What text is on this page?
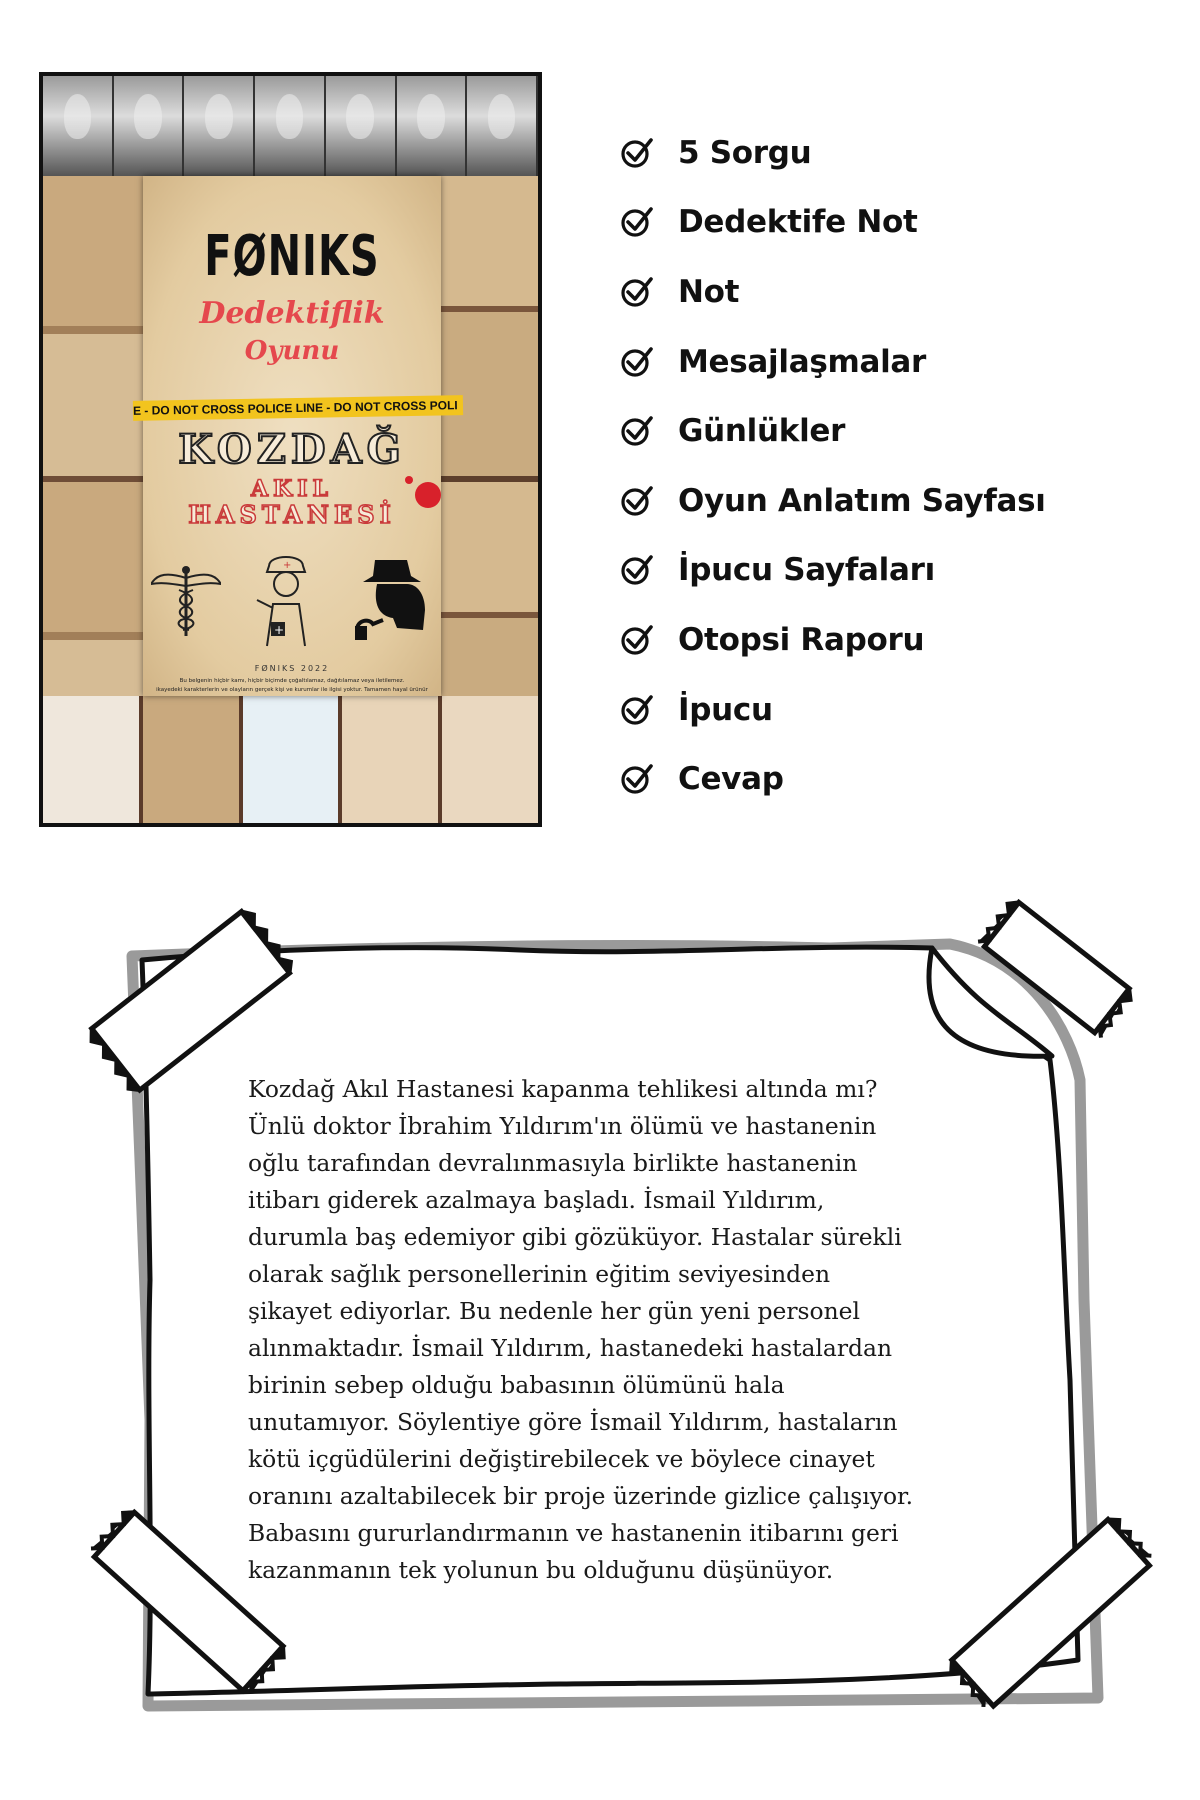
FØNIKS
Dedektiflik
Oyunu
E - DO NOT CROSS POLICE LINE - DO NOT CROSS POLI
KOZDAĞ
AKIL
HASTANESİ
+
+
FØNIKS 2022
Bu belgenin hiçbir kamı, hiçbir biçimde çoğaltılamaz, dağıtılamaz veya iletilemez.
ikayedeki karakterlerin ve olayların gerçek kişi ve kurumlar ile ilgisi yoktur. Tamamen hayal ürünür
5 Sorgu
Dedektife Not
Not
Mesajlaşmalar
Günlükler
Oyun Anlatım Sayfası
İpucu Sayfaları
Otopsi Raporu
İpucu
Cevap

Kozdağ Akıl Hastanesi kapanma tehlikesi altında mı?
Ünlü doktor İbrahim Yıldırım'ın ölümü ve hastanenin
oğlu tarafından devralınmasıyla birlikte hastanenin
itibarı giderek azalmaya başladı. İsmail Yıldırım,
durumla baş edemiyor gibi gözüküyor. Hastalar sürekli
olarak sağlık personellerinin eğitim seviyesinden
şikayet ediyorlar. Bu nedenle her gün yeni personel
alınmaktadır. İsmail Yıldırım, hastanedeki hastalardan
birinin sebep olduğu babasının ölümünü hala
unutamıyor. Söylentiye göre İsmail Yıldırım, hastaların
kötü içgüdülerini değiştirebilecek ve böylece cinayet
oranını azaltabilecek bir proje üzerinde gizlice çalışıyor.
Babasını gururlandırmanın ve hastanenin itibarını geri
kazanmanın tek yolunun bu olduğunu düşünüyor.
